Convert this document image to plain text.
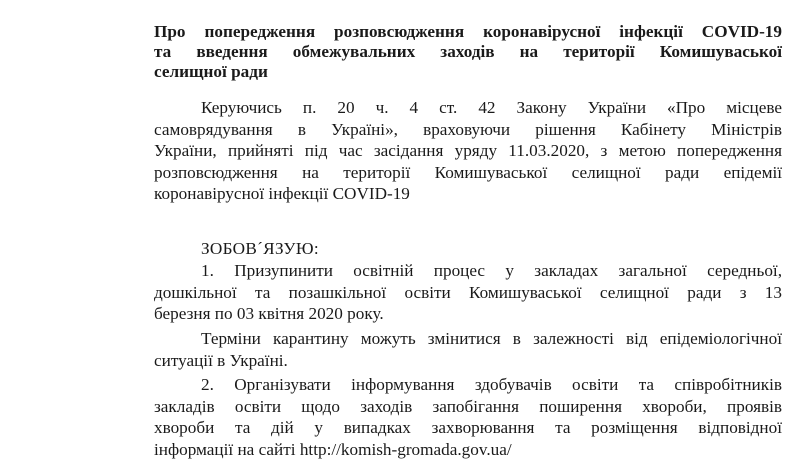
Про попередження розповсюдження коронавірусної інфекції COVID-19
та введення обмежувальних заходів на території Комишуваської
селищної ради

Керуючись п. 20 ч. 4 ст. 42 Закону України «Про місцеве
самоврядування в Україні», враховуючи рішення Кабінету Міністрів
України, прийняті під час засідання уряду 11.03.2020, з метою попередження
розповсюдження на території Комишуваської селищної ради епідемії
коронавірусної інфекції COVID-19

ЗОБОВ´ЯЗУЮ:

1. Призупинити освітній процес у закладах загальної середньої,
дошкільної та позашкільної освіти Комишуваської селищної ради з 13
березня по 03 квітня 2020 року.

Терміни карантину можуть змінитися в залежності від епідеміологічної
ситуації в Україні.

2. Організувати інформування здобувачів освіти та співробітників
закладів освіти щодо заходів запобігання поширення хвороби, проявів
хвороби та дій у випадках захворювання та розміщення відповідної
інформації на сайті http://komish-gromada.gov.ua/
